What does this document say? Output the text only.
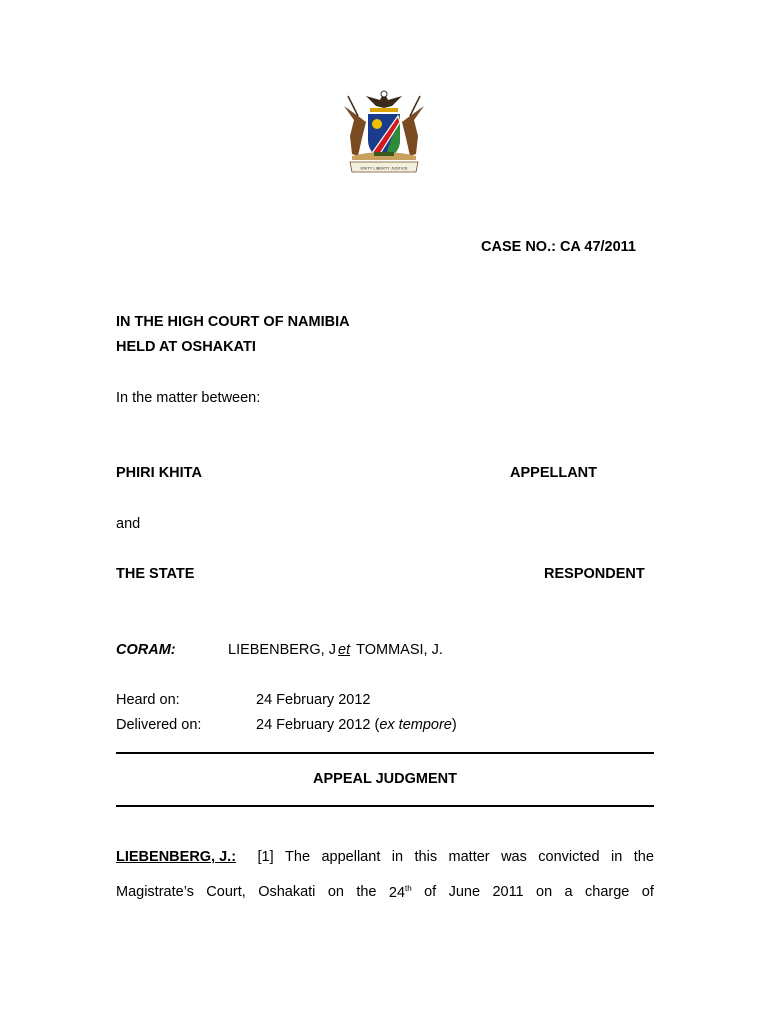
UNITY LIBERTY JUSTICE
CASE NO.: CA 47/2011
IN THE HIGH COURT OF NAMIBIA
HELD AT OSHAKATI
In the matter between:
PHIRI KHITA	APPELLANT
and
THE STATE	RESPONDENT
CORAM:	LIEBENBERG, J et TOMMASI, J.
Heard on:	24 February 2012
Delivered on:	24 February 2012 (ex tempore)
APPEAL JUDGMENT
LIEBENBERG, J.: [1] The appellant in this matter was convicted in the
Magistrate’s Court, Oshakati on the 24th of June 2011 on a charge of
